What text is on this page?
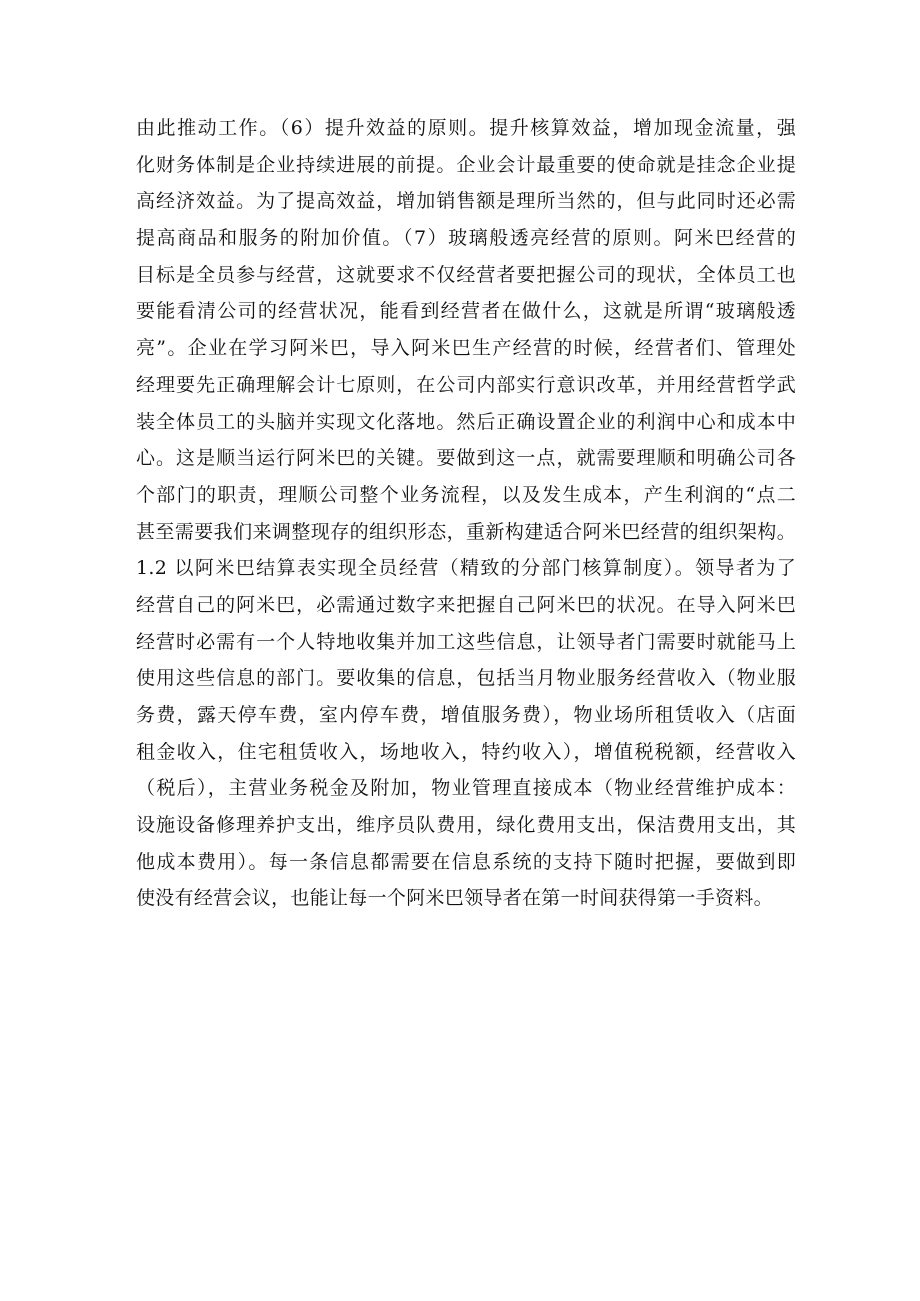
由此推动工作。（6）提升效益的原则。提升核算效益，增加现金流量，强
化财务体制是企业持续进展的前提。企业会计最重要的使命就是挂念企业提
高经济效益。为了提高效益，增加销售额是理所当然的，但与此同时还必需
提高商品和服务的附加价值。（7）玻璃般透亮经营的原则。阿米巴经营的
目标是全员参与经营，这就要求不仅经营者要把握公司的现状，全体员工也
要能看清公司的经营状况，能看到经营者在做什么，这就是所谓“玻璃般透
亮”。企业在学习阿米巴，导入阿米巴生产经营的时候，经营者们、管理处
经理要先正确理解会计七原则，在公司内部实行意识改革，并用经营哲学武
装全体员工的头脑并实现文化落地。然后正确设置企业的利润中心和成本中
心。这是顺当运行阿米巴的关键。要做到这一点，就需要理顺和明确公司各
个部门的职责，理顺公司整个业务流程，以及发生成本，产生利润的“点二
甚至需要我们来调整现存的组织形态，重新构建适合阿米巴经营的组织架构。
1.2 以阿米巴结算表实现全员经营（精致的分部门核算制度）。领导者为了
经营自己的阿米巴，必需通过数字来把握自己阿米巴的状况。在导入阿米巴
经营时必需有一个人特地收集并加工这些信息，让领导者门需要时就能马上
使用这些信息的部门。要收集的信息，包括当月物业服务经营收入（物业服
务费，露天停车费，室内停车费，增值服务费），物业场所租赁收入（店面
租金收入，住宅租赁收入，场地收入，特约收入），增值税税额，经营收入
（税后），主营业务税金及附加，物业管理直接成本（物业经营维护成本：
设施设备修理养护支出，维序员队费用，绿化费用支出，保洁费用支出，其
他成本费用）。每一条信息都需要在信息系统的支持下随时把握，要做到即
使没有经营会议，也能让每一个阿米巴领导者在第一时间获得第一手资料。
